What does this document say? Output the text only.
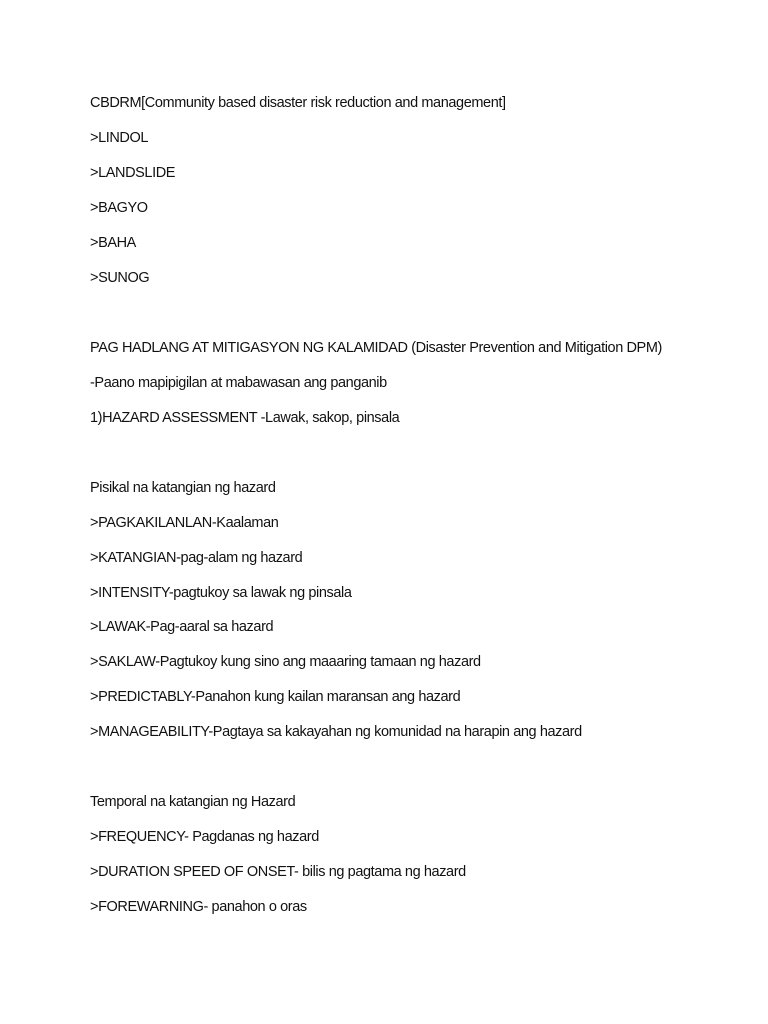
CBDRM[Community based disaster risk reduction and management]
>LINDOL
>LANDSLIDE
>BAGYO
>BAHA
>SUNOG
PAG HADLANG AT MITIGASYON NG KALAMIDAD (Disaster Prevention and Mitigation DPM)
-Paano mapipigilan at mabawasan ang panganib
1)HAZARD ASSESSMENT -Lawak, sakop, pinsala
Pisikal na katangian ng hazard
>PAGKAKILANLAN-Kaalaman
>KATANGIAN-pag-alam ng hazard
>INTENSITY-pagtukoy sa lawak ng pinsala
>LAWAK-Pag-aaral sa hazard
>SAKLAW-Pagtukoy kung sino ang maaaring tamaan ng hazard
>PREDICTABLY-Panahon kung kailan maransan ang hazard
>MANAGEABILITY-Pagtaya sa kakayahan ng komunidad na harapin ang hazard
Temporal na katangian ng Hazard
>FREQUENCY- Pagdanas ng hazard
>DURATION SPEED OF ONSET- bilis ng pagtama ng hazard
>FOREWARNING- panahon o oras
